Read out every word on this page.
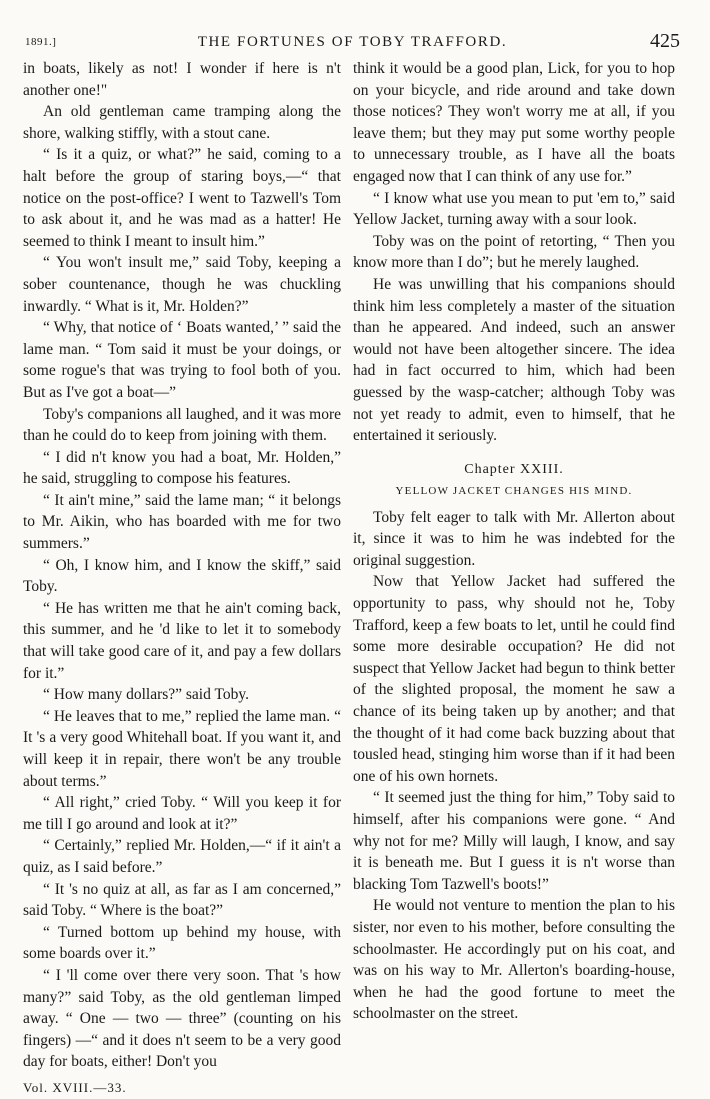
1891.]	THE FORTUNES OF TOBY TRAFFORD.	425

in boats, likely as not! I wonder if here is n't another one!"

An old gentleman came tramping along the shore, walking stiffly, with a stout cane.

“ Is it a quiz, or what?” he said, coming to a halt before the group of staring boys,—“ that notice on the post-office? I went to Tazwell's Tom to ask about it, and he was mad as a hatter! He seemed to think I meant to insult him.”

“ You won't insult me,” said Toby, keeping a sober countenance, though he was chuckling inwardly. “ What is it, Mr. Holden?”

“ Why, that notice of ‘ Boats wanted,’ ” said the lame man. “ Tom said it must be your doings, or some rogue's that was trying to fool both of you. But as I've got a boat—”

Toby's companions all laughed, and it was more than he could do to keep from joining with them.

“ I did n't know you had a boat, Mr. Holden,” he said, struggling to compose his features.

“ It ain't mine,” said the lame man; “ it belongs to Mr. Aikin, who has boarded with me for two summers.”

“ Oh, I know him, and I know the skiff,” said Toby.

“ He has written me that he ain't coming back, this summer, and he 'd like to let it to somebody that will take good care of it, and pay a few dollars for it.”

“ How many dollars?” said Toby.

“ He leaves that to me,” replied the lame man. “ It 's a very good Whitehall boat. If you want it, and will keep it in repair, there won't be any trouble about terms.”

“ All right,” cried Toby. “ Will you keep it for me till I go around and look at it?”

“ Certainly,” replied Mr. Holden,—“ if it ain't a quiz, as I said before.”

“ It 's no quiz at all, as far as I am concerned,” said Toby. “ Where is the boat?”

“ Turned bottom up behind my house, with some boards over it.”

“ I 'll come over there very soon. That 's how many?” said Toby, as the old gentleman limped away. “ One — two — three” (counting on his fingers) —“ and it does n't seem to be a very good day for boats, either! Don't you

Vol. XVIII.—33.

think it would be a good plan, Lick, for you to hop on your bicycle, and ride around and take down those notices? They won't worry me at all, if you leave them; but they may put some worthy people to unnecessary trouble, as I have all the boats engaged now that I can think of any use for.”

“ I know what use you mean to put 'em to,” said Yellow Jacket, turning away with a sour look.

Toby was on the point of retorting, “ Then you know more than I do”; but he merely laughed.

He was unwilling that his companions should think him less completely a master of the situation than he appeared. And indeed, such an answer would not have been altogether sincere. The idea had in fact occurred to him, which had been guessed by the wasp-catcher; although Toby was not yet ready to admit, even to himself, that he entertained it seriously.

Chapter XXIII.
YELLOW JACKET CHANGES HIS MIND.

Toby felt eager to talk with Mr. Allerton about it, since it was to him he was indebted for the original suggestion.

Now that Yellow Jacket had suffered the opportunity to pass, why should not he, Toby Trafford, keep a few boats to let, until he could find some more desirable occupation? He did not suspect that Yellow Jacket had begun to think better of the slighted proposal, the moment he saw a chance of its being taken up by another; and that the thought of it had come back buzzing about that tousled head, stinging him worse than if it had been one of his own hornets.

“ It seemed just the thing for him,” Toby said to himself, after his companions were gone. “ And why not for me? Milly will laugh, I know, and say it is beneath me. But I guess it is n't worse than blacking Tom Tazwell's boots!”

He would not venture to mention the plan to his sister, nor even to his mother, before consulting the schoolmaster. He accordingly put on his coat, and was on his way to Mr. Allerton's boarding-house, when he had the good fortune to meet the schoolmaster on the street.
